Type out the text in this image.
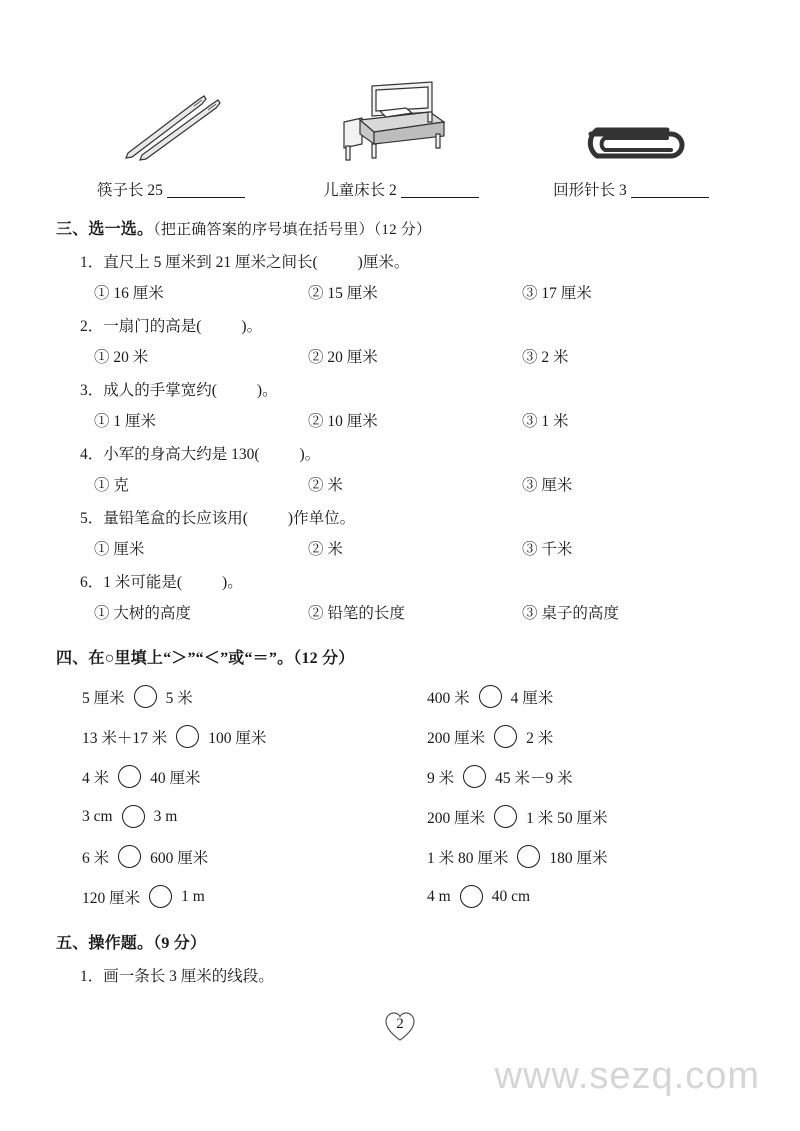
筷子长 25	儿童床长 2	回形针长 3
三、选一选。（把正确答案的序号填在括号里）（12 分）
1．直尺上 5 厘米到 21 厘米之间长(	)厘米。
① 16 厘米	② 15 厘米	③ 17 厘米
2．一扇门的高是(	)。
① 20 米	② 20 厘米	③ 2 米
3．成人的手掌宽约(	)。
① 1 厘米	② 10 厘米	③ 1 米
4．小军的身高大约是 130(	)。
① 克	② 米	③ 厘米
5．量铅笔盒的长应该用(	)作单位。
① 厘米	② 米	③ 千米
6．1 米可能是(	)。
① 大树的高度	② 铅笔的长度	③ 桌子的高度
四、在○里填上“＞”“＜”或“＝”。（12 分）
5 厘米	5 米	400 米	4 厘米
13 米＋17 米	100 厘米	200 厘米	2 米
4 米	40 厘米	9 米	45 米－9 米
3 cm	3 m	200 厘米	1 米 50 厘米
6 米	600 厘米	1 米 80 厘米	180 厘米
120 厘米	1 m	4 m	40 cm
五、操作题。（9 分）
1．画一条长 3 厘米的线段。
2
www.sezq.com
